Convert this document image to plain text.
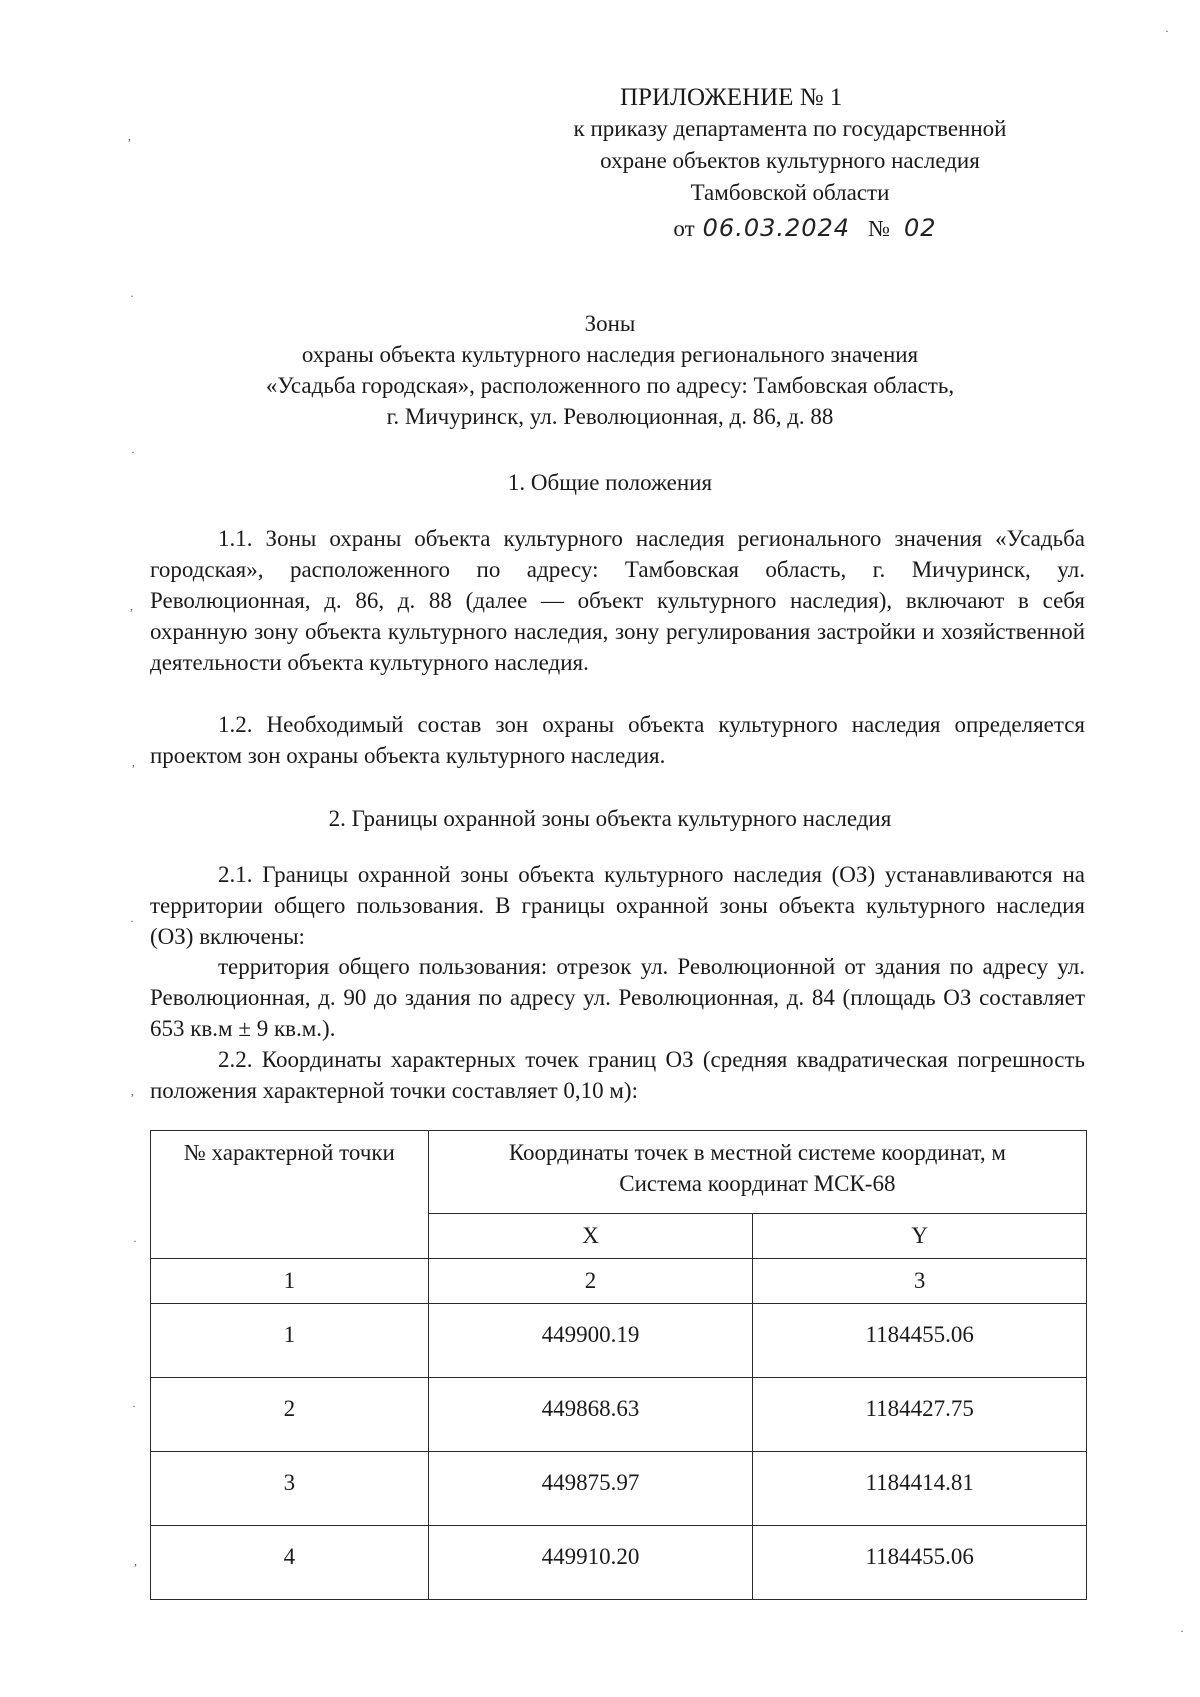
ПРИЛОЖЕНИЕ № 1
к приказу департамента по государственной
охране объектов культурного наследия
Тамбовской области
от 06.03.2024 № 02
Зоны
охраны объекта культурного наследия регионального значения
«Усадьба городская», расположенного по адресу: Тамбовская область,
г. Мичуринск, ул. Революционная, д. 86, д. 88
1. Общие положения

1.1. Зоны охраны объекта культурного наследия регионального значения «Усадьба городская», расположенного по адресу: Тамбовская область, г. Мичуринск, ул. Революционная, д. 86, д. 88 (далее — объект культурного наследия), включают в себя охранную зону объекта культурного наследия, зону регулирования застройки и хозяйственной деятельности объекта культурного наследия.

1.2. Необходимый состав зон охраны объекта культурного наследия определяется проектом зон охраны объекта культурного наследия.

2. Границы охранной зоны объекта культурного наследия

2.1. Границы охранной зоны объекта культурного наследия (ОЗ) устанавливаются на территории общего пользования. В границы охранной зоны объекта культурного наследия (ОЗ) включены:

территория общего пользования: отрезок ул. Революционной от здания по адресу ул. Революционная, д. 90 до здания по адресу ул. Революционная, д. 84 (площадь ОЗ составляет 653 кв.м ± 9 кв.м.).

2.2. Координаты характерных точек границ ОЗ (средняя квадратическая погрешность положения характерной точки составляет 0,10 м):

№ характерной точки	Координаты точек в местной системе координат, м
Система координат МСК-68	
	X	Y
1	2	3
1	449900.19	1184455.06
2	449868.63	1184427.75
3	449875.97	1184414.81
4	449910.20	1184455.06
,
·
·
,
,
·
,
·
·
,
·
·
